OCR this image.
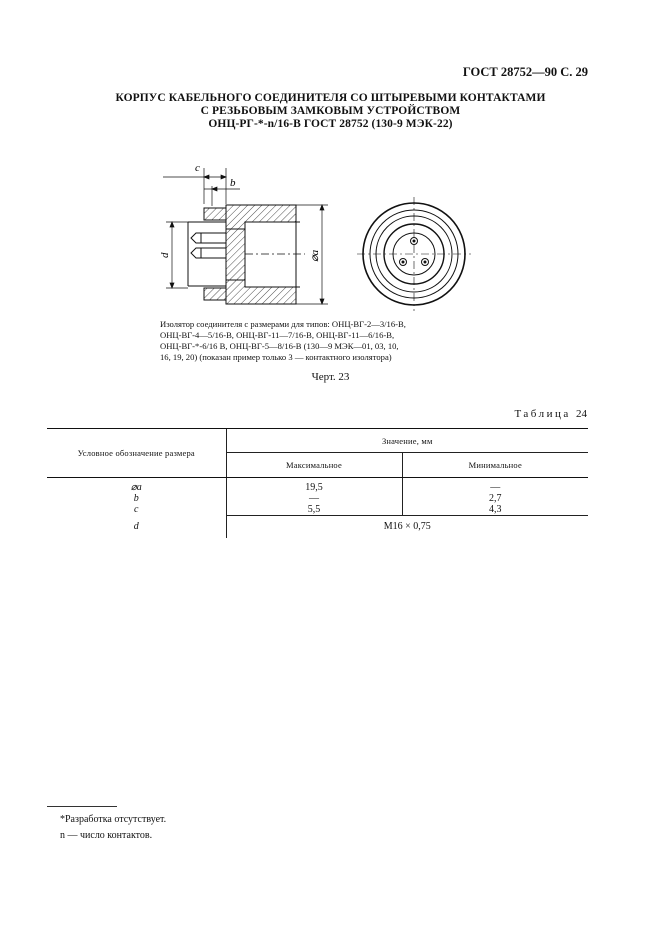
ГОСТ 28752—90 С. 29
КОРПУС КАБЕЛЬНОГО СОЕДИНИТЕЛЯ СО ШТЫРЕВЫМИ КОНТАКТАМИ
С РЕЗЬБОВЫМ ЗАМКОВЫМ УСТРОЙСТВОМ
ОНЦ-РГ-*-n/16-В ГОСТ 28752 (130-9 МЭК-22)
c
b
d	⌀a
Изолятор соединителя с размерами для типов: ОНЦ-ВГ-2—3/16-В,
ОНЦ-ВГ-4—5/16-В, ОНЦ-ВГ-11—7/16-В, ОНЦ-ВГ-11—6/16-В,
ОНЦ-ВГ-*-6/16 В, ОНЦ-ВГ-5—8/16-В (130—9 МЭК—01, 03, 10,
16, 19, 20) (показан пример только 3 — контактного изолятора)
Черт. 23
Таблица 24
Условное обозначение размера	Значение, мм	
	Максимальное	Минимальное
⌀a	19,5	—
b	—	2,7
c	5,5	4,3
d	М16 × 0,75	
*Разработка отсутствует.
n — число контактов.
